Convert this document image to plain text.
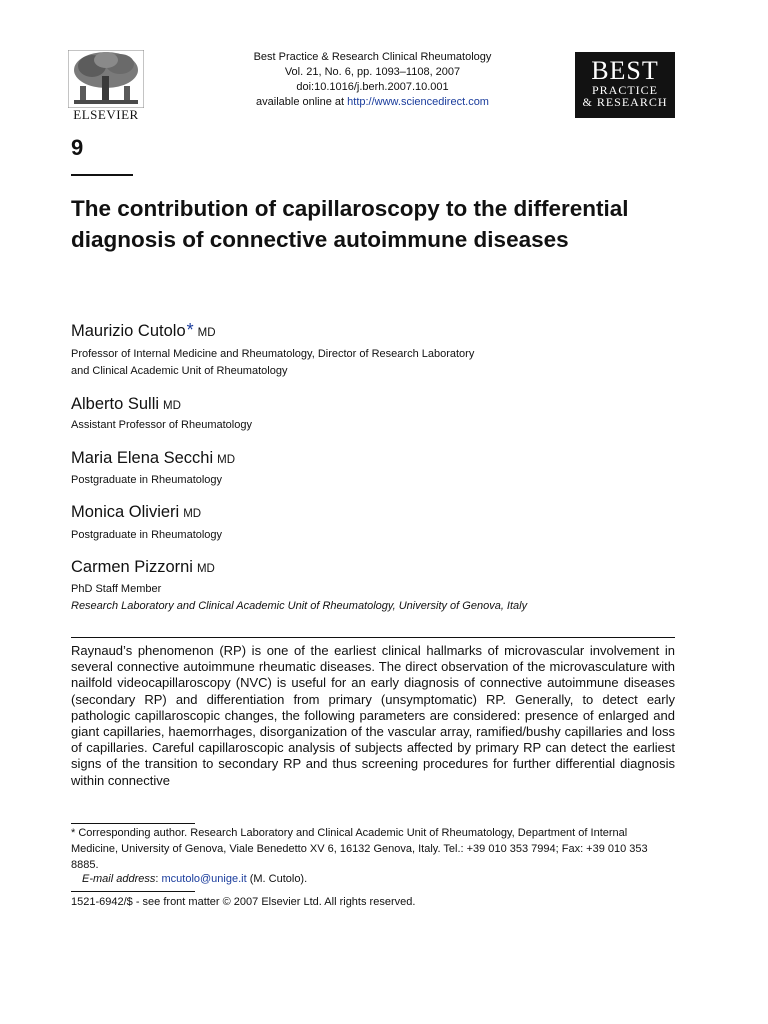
ELSEVIER
Best Practice & Research Clinical Rheumatology
Vol. 21, No. 6, pp. 1093–1108, 2007
doi:10.1016/j.berh.2007.10.001
available online at http://www.sciencedirect.com
BEST
PRACTICE
& RESEARCH
9
The contribution of capillaroscopy to the differential diagnosis of connective autoimmune diseases
Maurizio Cutolo* MD
Professor of Internal Medicine and Rheumatology, Director of Research Laboratory
and Clinical Academic Unit of Rheumatology
Alberto Sulli MD
Assistant Professor of Rheumatology
Maria Elena Secchi MD
Postgraduate in Rheumatology
Monica Olivieri MD
Postgraduate in Rheumatology
Carmen Pizzorni MD
PhD Staff Member
Research Laboratory and Clinical Academic Unit of Rheumatology, University of Genova, Italy
Raynaud’s phenomenon (RP) is one of the earliest clinical hallmarks of microvascular involvement in several connective autoimmune rheumatic diseases. The direct observation of the microvasculature with nailfold videocapillaroscopy (NVC) is useful for an early diagnosis of connective autoimmune diseases (secondary RP) and differentiation from primary (unsymptomatic) RP. Generally, to detect early pathologic capillaroscopic changes, the following parameters are considered: presence of enlarged and giant capillaries, haemorrhages, disorganization of the vascular array, ramified/bushy capillaries and loss of capillaries. Careful capillaroscopic analysis of subjects affected by primary RP can detect the earliest signs of the transition to secondary RP and thus screening procedures for further differential diagnosis within connective
* Corresponding author. Research Laboratory and Clinical Academic Unit of Rheumatology, Department of Internal Medicine, University of Genova, Viale Benedetto XV 6, 16132 Genova, Italy. Tel.: +39 010 353 7994; Fax: +39 010 353 8885.
E-mail address: mcutolo@unige.it (M. Cutolo).
1521-6942/$ - see front matter © 2007 Elsevier Ltd. All rights reserved.
